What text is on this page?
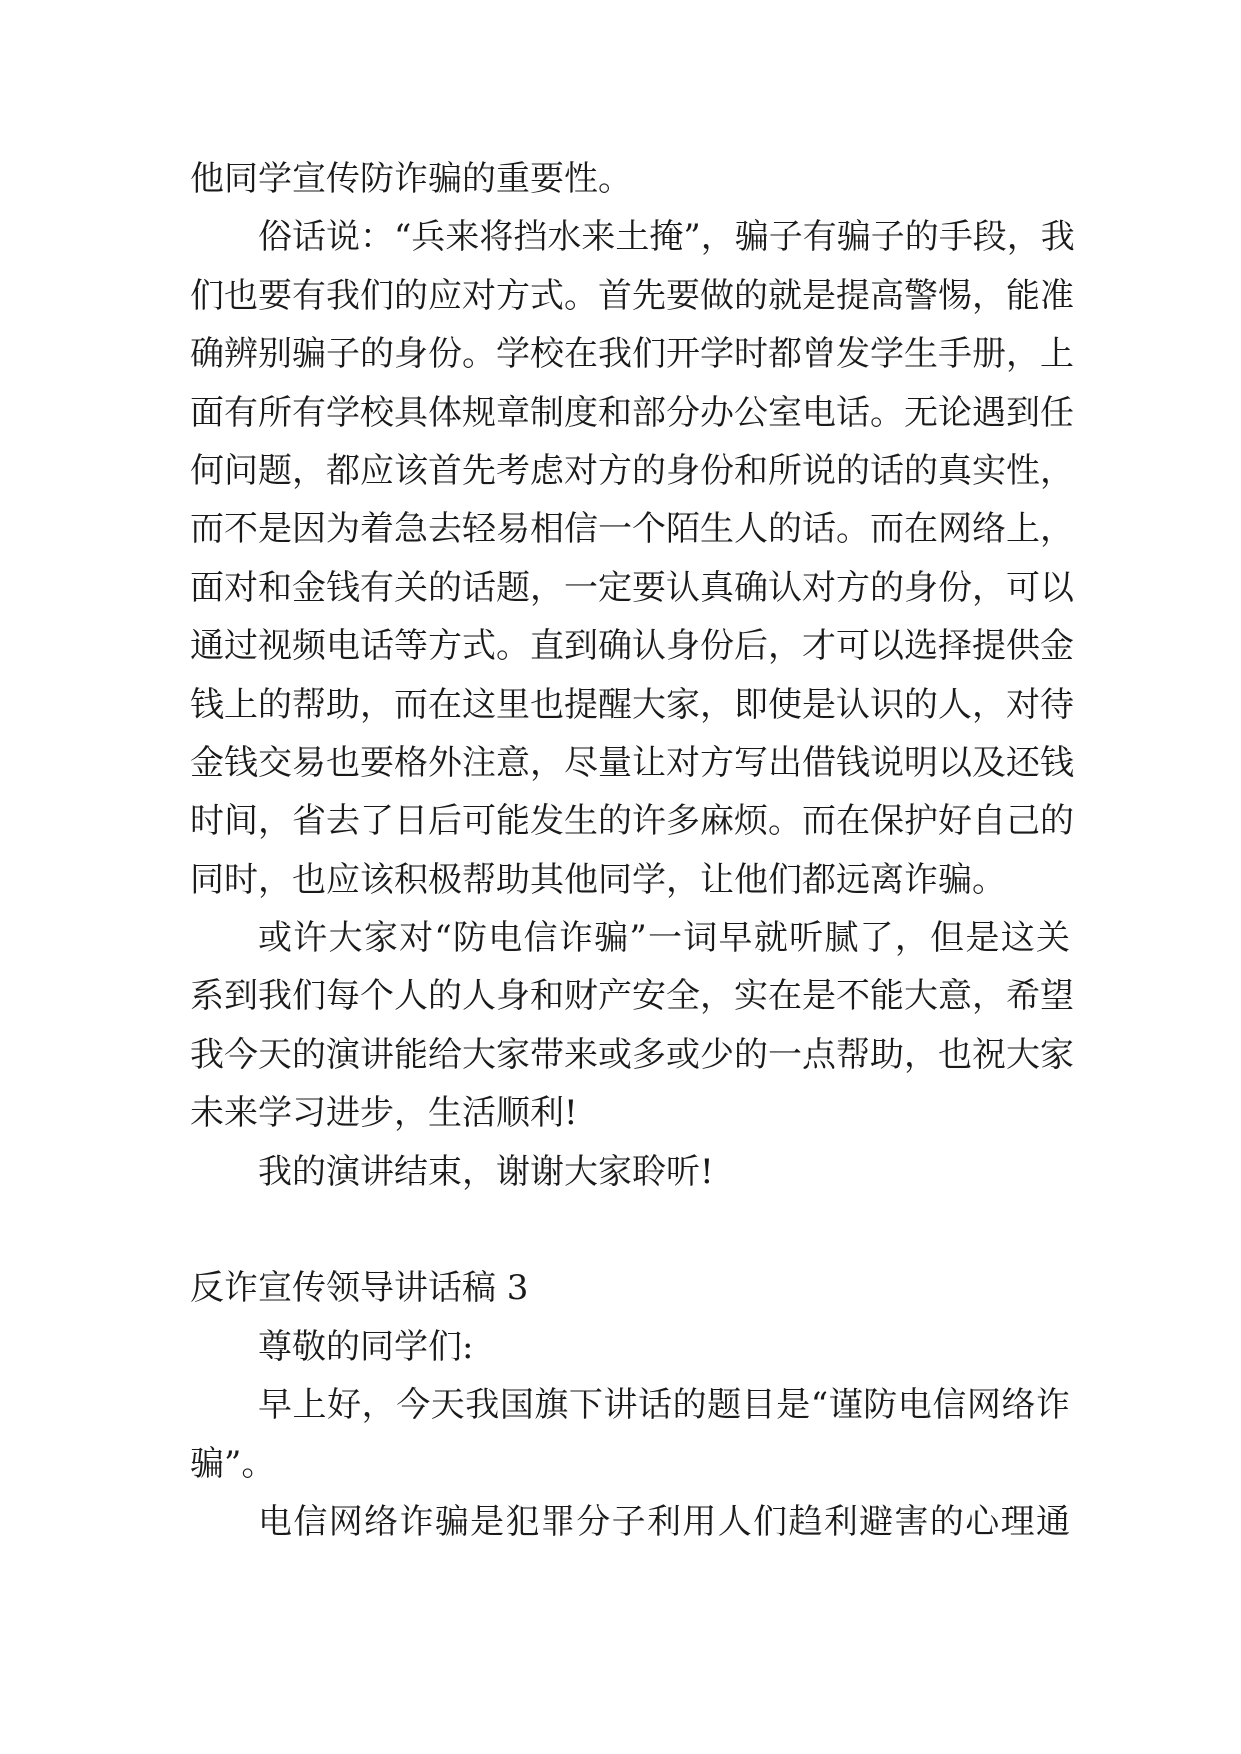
他同学宣传防诈骗的重要性。
俗话说：“兵来将挡水来土掩”，骗子有骗子的手段，我
们也要有我们的应对方式。首先要做的就是提高警惕，能准
确辨别骗子的身份。学校在我们开学时都曾发学生手册，上
面有所有学校具体规章制度和部分办公室电话。无论遇到任
何问题，都应该首先考虑对方的身份和所说的话的真实性，
而不是因为着急去轻易相信一个陌生人的话。而在网络上，
面对和金钱有关的话题，一定要认真确认对方的身份，可以
通过视频电话等方式。直到确认身份后，才可以选择提供金
钱上的帮助，而在这里也提醒大家，即使是认识的人，对待
金钱交易也要格外注意，尽量让对方写出借钱说明以及还钱
时间，省去了日后可能发生的许多麻烦。而在保护好自己的
同时，也应该积极帮助其他同学，让他们都远离诈骗。
或许大家对“防电信诈骗”一词早就听腻了，但是这关
系到我们每个人的人身和财产安全，实在是不能大意，希望
我今天的演讲能给大家带来或多或少的一点帮助，也祝大家
未来学习进步，生活顺利!
我的演讲结束，谢谢大家聆听!
反诈宣传领导讲话稿 3
尊敬的同学们:
早上好，今天我国旗下讲话的题目是“谨防电信网络诈
骗”。
电信网络诈骗是犯罪分子利用人们趋利避害的心理通
